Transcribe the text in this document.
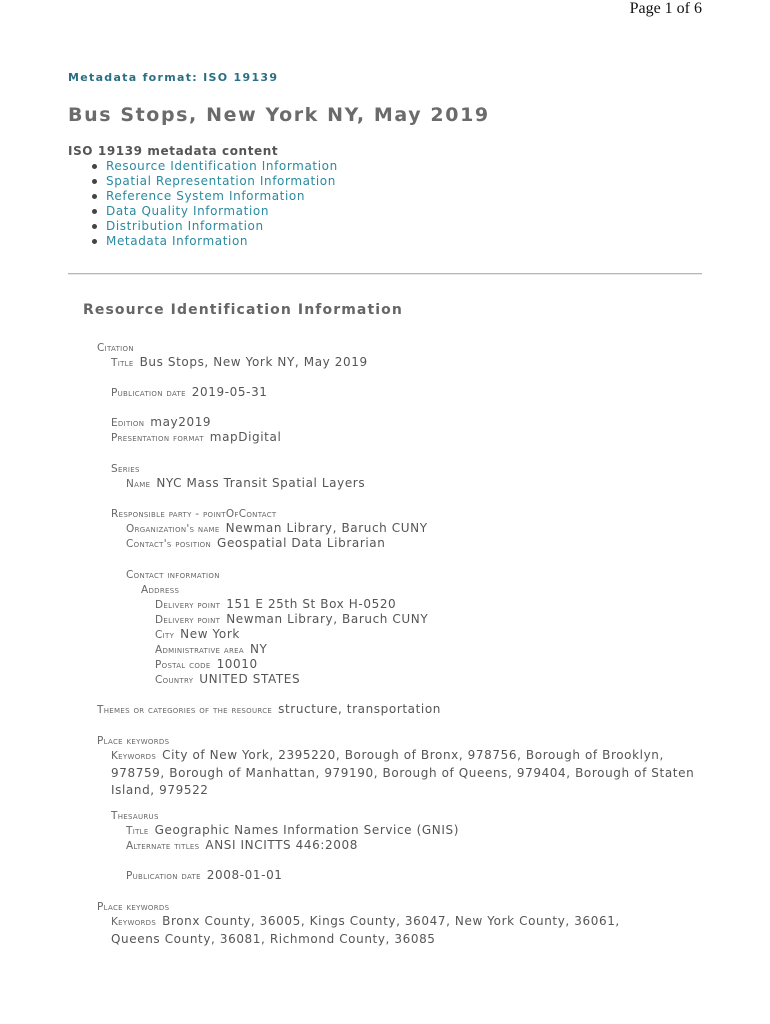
Page 1 of 6
Metadata format: ISO 19139
Bus Stops, New York NY, May 2019
ISO 19139 metadata content
Resource Identification Information
Spatial Representation Information
Reference System Information
Data Quality Information
Distribution Information
Metadata Information
Resource Identification Information
Citation
Title Bus Stops, New York NY, May 2019
Publication date 2019-05-31
Edition may2019
Presentation format mapDigital
Series
Name NYC Mass Transit Spatial Layers
Responsible party - pointOfContact
Organization's name Newman Library, Baruch CUNY
Contact's position Geospatial Data Librarian
Contact information
Address
Delivery point 151 E 25th St Box H-0520
Delivery point Newman Library, Baruch CUNY
City New York
Administrative area NY
Postal code 10010
Country UNITED STATES
Themes or categories of the resource structure, transportation
Place keywords
Keywords City of New York, 2395220, Borough of Bronx, 978756, Borough of Brooklyn, 978759, Borough of Manhattan, 979190, Borough of Queens, 979404, Borough of Staten Island, 979522
Thesaurus
Title Geographic Names Information Service (GNIS)
Alternate titles ANSI INCITTS 446:2008
Publication date 2008-01-01
Place keywords
Keywords Bronx County, 36005, Kings County, 36047, New York County, 36061, Queens County, 36081, Richmond County, 36085
